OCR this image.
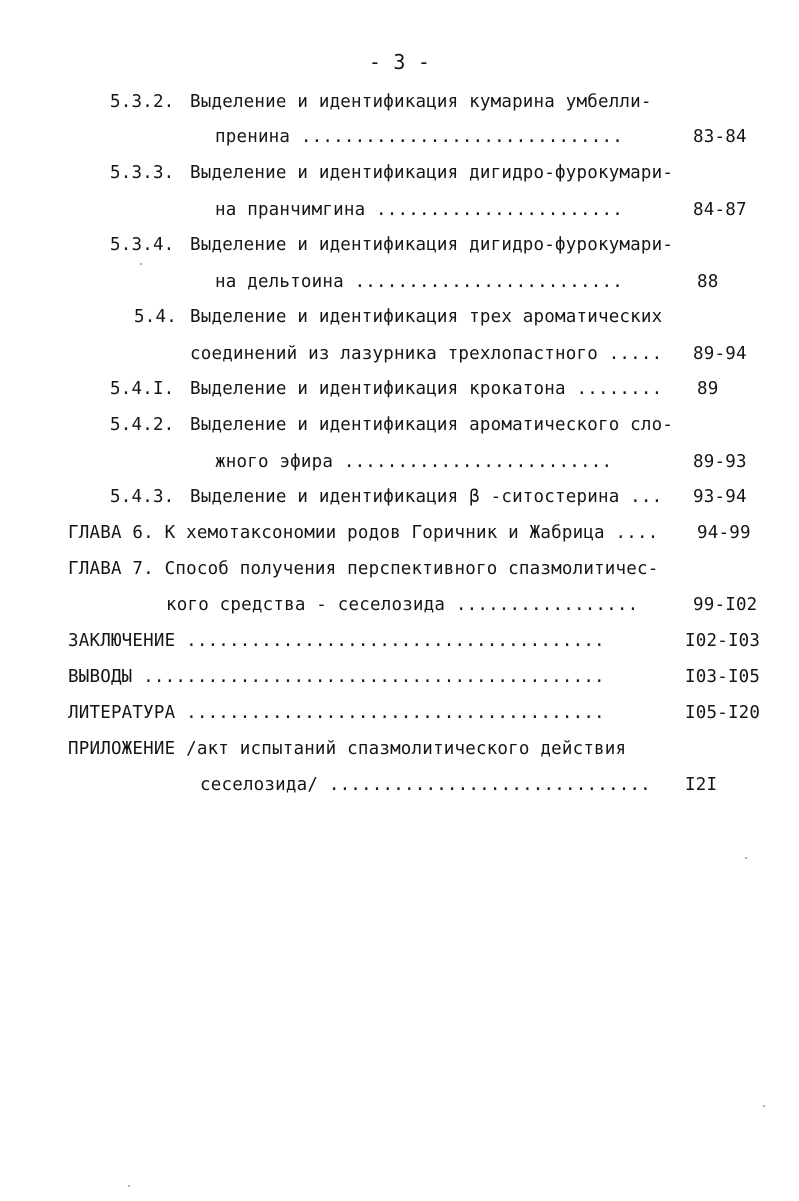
- 3 -
5.3.2. Выделение и идентификация кумарина умбелли-
пренина ..............................	83-84
5.3.3. Выделение и идентификация дигидро-фурокумари-
на пранчимгина .......................	84-87
5.3.4. Выделение и идентификация дигидро-фурокумари-
на дельтоина .........................	88
5.4. Выделение и идентификация трех ароматических
соединений из лазурника трехлопастного ..... 89-94
5.4.I. Выделение и идентификация крокатона ........ 89
5.4.2. Выделение и идентификация ароматического сло-
жного эфира .........................	89-93
5.4.3. Выделение и идентификация β -ситостерина ... 93-94
ГЛАВА 6. К хемотаксономии родов Горичник и Жабрица .... 94-99
ГЛАВА 7. Способ получения перспективного спазмолитичес-
кого средства - сеселозида .................	99-I02
ЗАКЛЮЧЕНИЕ .......................................	I02-I03
ВЫВОДЫ ...........................................	I03-I05
ЛИТЕРАТУРА .......................................	I05-I20
ПРИЛОЖЕНИЕ /акт испытаний спазмолитического действия
сеселозида/ .............................. I2I
